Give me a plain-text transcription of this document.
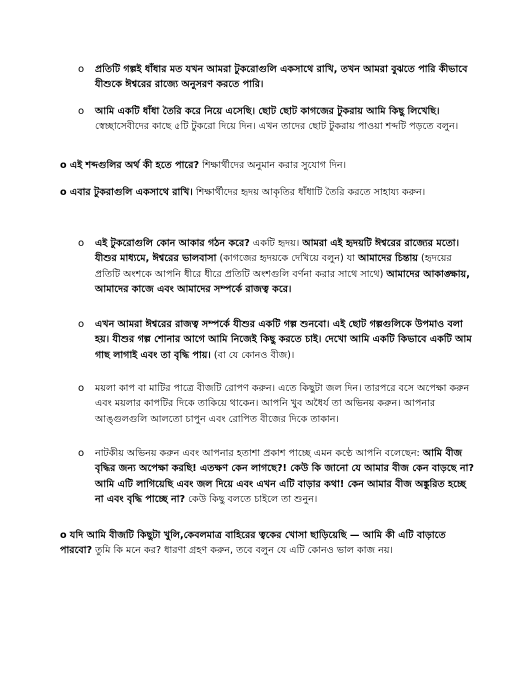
o প্রতিটি গল্পই ধাঁধার মত যখন আমরা টুকরোগুলি একসাথে রাখি, তখন আমরা বুঝতে পারি কীভাবে যীশুকে ঈশ্বরের রাজ্যে অনুসরণ করতে পারি।

o আমি একটি ধাঁধা তৈরি করে নিয়ে এসেছি। ছোট ছোট কাগজের টুকরায় আমি কিছু লিখেছি। স্বেচ্ছাসেবীদের কাছে ৫টি টুকরো দিয়ে দিন। এখন তাদের ছোট টুকরায় পাওয়া শব্দটি পড়তে বলুন।

o এই শব্দগুলির অর্থ কী হতে পারে? শিক্ষার্থীদের অনুমান করার সুযোগ দিন।

o এবার টুকরাগুলি একসাথে রাখি। শিক্ষার্থীদের হৃদয় আকৃতির ধাঁধাটি তৈরি করতে সাহায্য করুন।

o এই টুকরোগুলি কোন আকার গঠন করে? একটি হৃদয়। আমরা এই হৃদয়টি ঈশ্বরের রাজ্যের মতো। যীশুর মাধ্যমে, ঈশ্বরের ভালবাসা (কাগজের হৃদয়কে দেখিয়ে বলুন) যা আমাদের চিন্তায় (হৃদয়ের প্রতিটি অংশকে আপনি ধীরে ধীরে প্রতিটি অংশগুলি বর্ণনা করার সাথে সাথে) আমাদের আকাঙ্ক্ষায়, আমাদের কাজে এবং আমাদের সম্পর্কে রাজত্ব করে।

o এখন আমরা ঈশ্বরের রাজত্ব সম্পর্কে যীশুর একটি গল্প শুনবো। এই ছোট গল্পগুলিকে উপমাও বলা হয়। যীশুর গল্প শোনার আগে আমি নিজেই কিছু করতে চাই। দেখো আমি একটি কিভাবে একটি আম গাছ লাগাই এবং তা বৃদ্ধি পায়। (বা যে কোনও বীজ)।

o ময়লা কাপ বা মাটির পাত্রে বীজটি রোপণ করুন। এতে কিছুটা জল দিন। তারপরে বসে অপেক্ষা করুন এবং ময়লার কাপটির দিকে তাকিয়ে থাকেন। আপনি খুব অধৈর্য তা অভিনয় করুন। আপনার আঙ্গুলগুলি আলতো চাপুন এবং রোপিত বীজের দিকে তাকান।

o নাটকীয় অভিনয় করুন এবং আপনার হতাশা প্রকাশ পাচ্ছে এমন কণ্ঠে আপনি বলেছেন: আমি বীজ বৃদ্ধির জন্য অপেক্ষা করছি! এতক্ষণ কেন লাগছে?! কেউ কি জানো যে আমার বীজ কেন বাড়ছে না? আমি এটি লাগিয়েছি এবং জল দিয়ে এবং এখন এটি বাড়ার কথা! কেন আমার বীজ অঙ্কুরিত হচ্ছে না এবং বৃদ্ধি পাচ্ছে না? কেউ কিছু বলতে চাইলে তা শুনুন।

o যদি আমি বীজটি কিছুটা খুলি,কেবলমাত্র বাহিরের ত্বকের খোসা ছাড়িয়েছি — আমি কী এটি বাড়াতে পারবো? তুমি কি মনে কর? ধারণা গ্রহণ করুন, তবে বলুন যে এটি কোনও ভাল কাজ নয়।
